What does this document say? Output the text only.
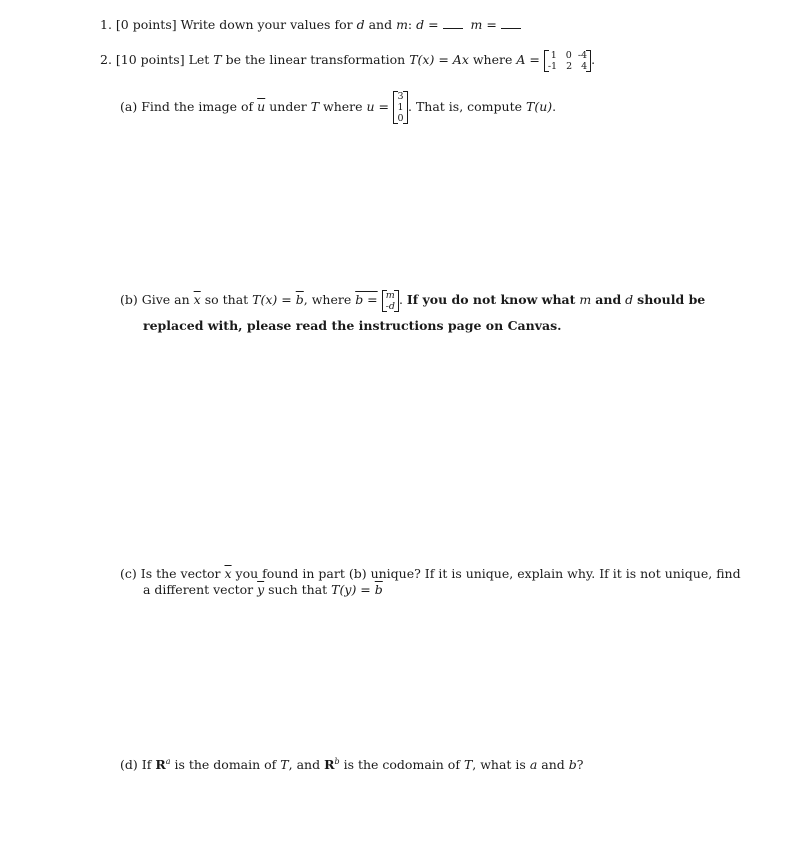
1. [0 points] Write down your values for d and m: d =	m =
2. [10 points] Let T be the linear transformation T(x) = Ax where A =	1 0 -4
-1 2 4 .
(a) Find the image of $\overline{u}$ under T where u =
3
1
0
. That is, compute T(u).
(b) Give an $\overline{x}$ so that $T(x) = \overline{b}$, where b = m
-d . If you do not know what m and d should be
replaced with, please read the instructions page on Canvas.
(c) Is the vector $\overline{x}$ you found in part (b) unique? If it is unique, explain why. If it is not unique, find
a different vector $\overline{y}$ such that $T(y) = \overline{b}$
(d) If $R^a$ is the domain of T, and $R^b$ is the codomain of T, what is a and b?
